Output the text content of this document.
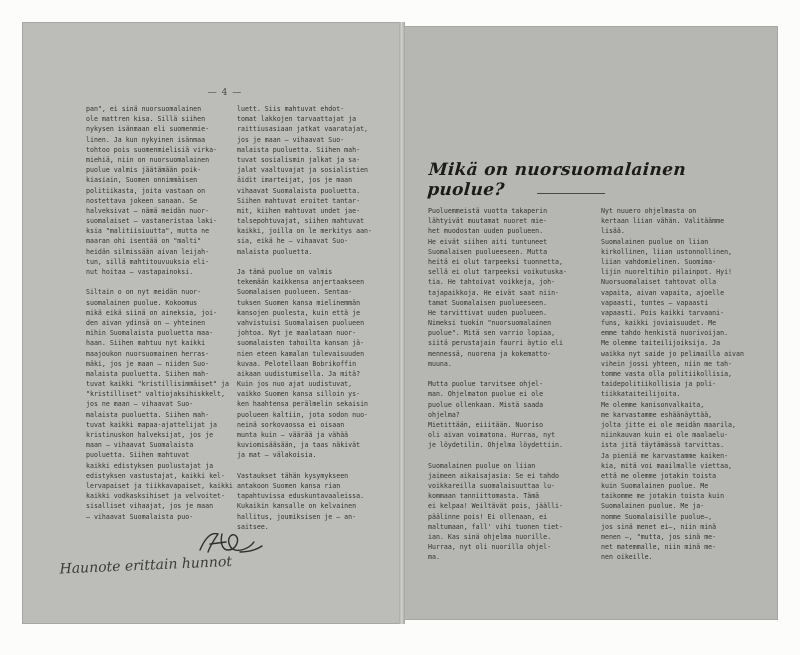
— 4 —
pan", ei sinä nuorsuomalainen
ole mattren kisa. Sillä siihen
nykysen isänmaan eli suomenmie-
linen. Ja kun nykyinen isänmaa
tohtoo pois suomenmielisiä virka-
miehiä, niin on nuorsuomalainen
puolue valmis jäätämään poik-
kiasiain, Suomen onnimmäisen
politiikasta, joita vastaan on
nostettava jokeen sanaan. Se
halveksivat — nämä meidän nuor-
suomalaiset — vastaneristaa laki-
ksia "malitiisiuutta", mutta ne
maaran ohi isentää on "malti"
heidän silmissään aivan leijah-
tun, sillä mahtitouvuuksia eli-
nut hoitaa — vastapainoksi.
Siltain o on nyt meidän nuor-
suomalainen puolue. Kokoomus
mikä eikä siinä on aineksia, joi-
den aivan ydinsä on — yhteinen
mihin Suomalaista puoluetta maa-
haan. Siihen mahtuu nyt kaikki
maajoukon nuorsuomainen herras-
mäki, jos je maan — niiden Suo-
malaista puoluetta. Siihen mah-
tuvat kaikki "kristillisimmäiset" ja
"kristilliset" valtiojaksihiskkelt,
jos ne maan — vihaavat Suo-
malaista puoluetta. Siihen mah-
tuvat kaikki mapaa-ajattelijat ja
kristinuskon halveksijat, jos je
maan — vihaavat Suomalaista
puoluetta. Siihen mahtuvat
kaikki edistyksen puolustajat ja
edistyksen vastustajat, kaikki kel-
lervapaiset ja tiikkavapaiset, kaikki
kaikki vodkasksihiset ja velvoitet-
sisalliset vihaajat, jos je maan
— vihaavat Suomalaista puo-
luett. Siis mahtuvat ehdot-
tomat lakkojen tarvaattajat ja
raittiusasiaan jatkat vaaratajat,
jos je maan — vihaavat Suo-
malaista puoluetta. Siihen mah-
tuvat sosialismin jalkat ja sa-
jalat vaaltuvajat ja sosialistien
äidit imarteijat, jos je maan
vihaavat Suomalaista puoluetta.
Siihen mahtuvat eroitet tantar-
mit, kiihen mahtuvat undet jae-
talsepohtuvajat, siihen mahtuvat
kaikki, joilla on le merkitys aan-
sia, eikä he — vihaavat Suo-
malaista puoluetta.
Ja tämä puolue on valmis
tekemään kaikkensa anjertaakseen
Suomalaisen puolueen. Sentaa-
tuksen Suomen kansa mielinemmän
kansojen puolesta, kuin että je
vahvistuisi Suomalaisen puolueen
johtoa. Nyt je maalataan nuor-
suomalaisten tahoilta kansan jä-
nien eteen kamalan tulevaisuuden
kuvaa. Pelotellaan Bobrikoffin
aikaan uudistumisella. Ja mitä?
Kuin jos nuo ajat uudistuvat,
vaikko Suomen kansa silloin ys-
ken haahtensa perälmelin sekaisin
puolueen kaltiin, jota sodon nuo-
neinä sorkovaossa ei oisaan
munta kuin — väärää ja vähää
kuviomisääsään, ja taas näkivät
ja mat — välakoisia.
Vastaukset tähän kysymykseen
antakoon Suomen kansa rian
tapahtuvissa eduskuntavaaleissa.
Kukaikin kansalle on kelvainen
hallitus, joumiksisen je — an-
saitsee.
Mikä on nuorsuomalainen puolue?
Puoluemmeistä vuotta takaperin
lähtyivät muutamat nuoret mie-
het muodostan uuden puolueen.
He eivät siihen aiti tuntuneet
Suomalaisen puolueeseen. Mutta
heitä ei olut tarpeeksi tuonnetta,
sellä ei olut tarpeeksi voikutuska-
tia. He tahtoivat voikkeja, joh-
tajapaikkoja. He eivät saat niin-
tamat Suomalaisen puolueeseen.
He tarvittivat uuden puolueen.
Nimeksi tuokin "nuorsuomalainen
puolue". Mitä sen varrio lopiaa,
siitä perustajain faurri äytio eli
mennessä, nuorena ja kokematto-
muuna.
Mutta puolue tarvitsee ohjel-
man. Ohjelmaton puolue ei ole
puolue ollenkaan. Mistä saada
ohjelma?
Mietittään, eiiitään. Nuoriso
oli aivan voimatona. Hurraa, nyt
je löydetilin. Ohjelma löydettiin.
Suomalainen puolue on liian
jaimeen aikaisajasia: Se ei tahdo
voikkareilla suomalaisuuttaa lu-
kommaan tanniittomasta. Tämä
ei kelpaa! Weiltävät pois, jäälli-
päälinne pois! Ei ollenaan, ei
maltumaan, fall' vihi tuonen tiet-
ian. Kas sinä ohjelma nuorille.
Hurraa, nyt oli nuorilla ohjel-
ma.
Nyt nuuero ohjelmasta on
kertaan liian vähän. Valitäämme
lisää.
Suomalainen puolue on liian
kirkollinen, liian ustonnollinen,
liian vahdomielinen. Suomima-
lijin nuoreltihin pilainpot. Hyi!
Nuorsuomalaiset tahtovat olla
vapaita, aivan vapaita, ajoelle
vapaasti, tuntes — vapaasti
vapaasti. Pois kaikki tarvaani-
funs, kaikki joviaisuudet. Me
emme tahdo henkistä nuorivoijan.
Me olemme taiteilijoiksija. Ja
waikka nyt saide jo pelimailla aivan
vihein jossi yhteen, niin me tah-
tomme vasta olla politiikollisia,
taidepolitiikollisia ja poli-
tiikkataiteilijoita.
Me olemme kanisonvalkaita,
me karvastamme eshäänäyttää,
jolta jitte ei ole meidän maarila,
niinkauvan kuin ei ole maalaelu-
ista jitä täytämässä tarvittas.
Ja pieniä me karvastamme kaiken-
kia, mitä voi maailmalle viettaa,
että me olemme jotakin toista
kuin Suomalainen puolue. Me
taikomme me jotakin toista kuin
Suomalainen puolue. Me ja-
nomme Suomalaisille puolue—,
jos sinä menet ei—, niin minä
menen —, "mutta, jos sinä me-
net matemmalle, niin minä me-
nen oikeille.
Haunote erittain hunnot
